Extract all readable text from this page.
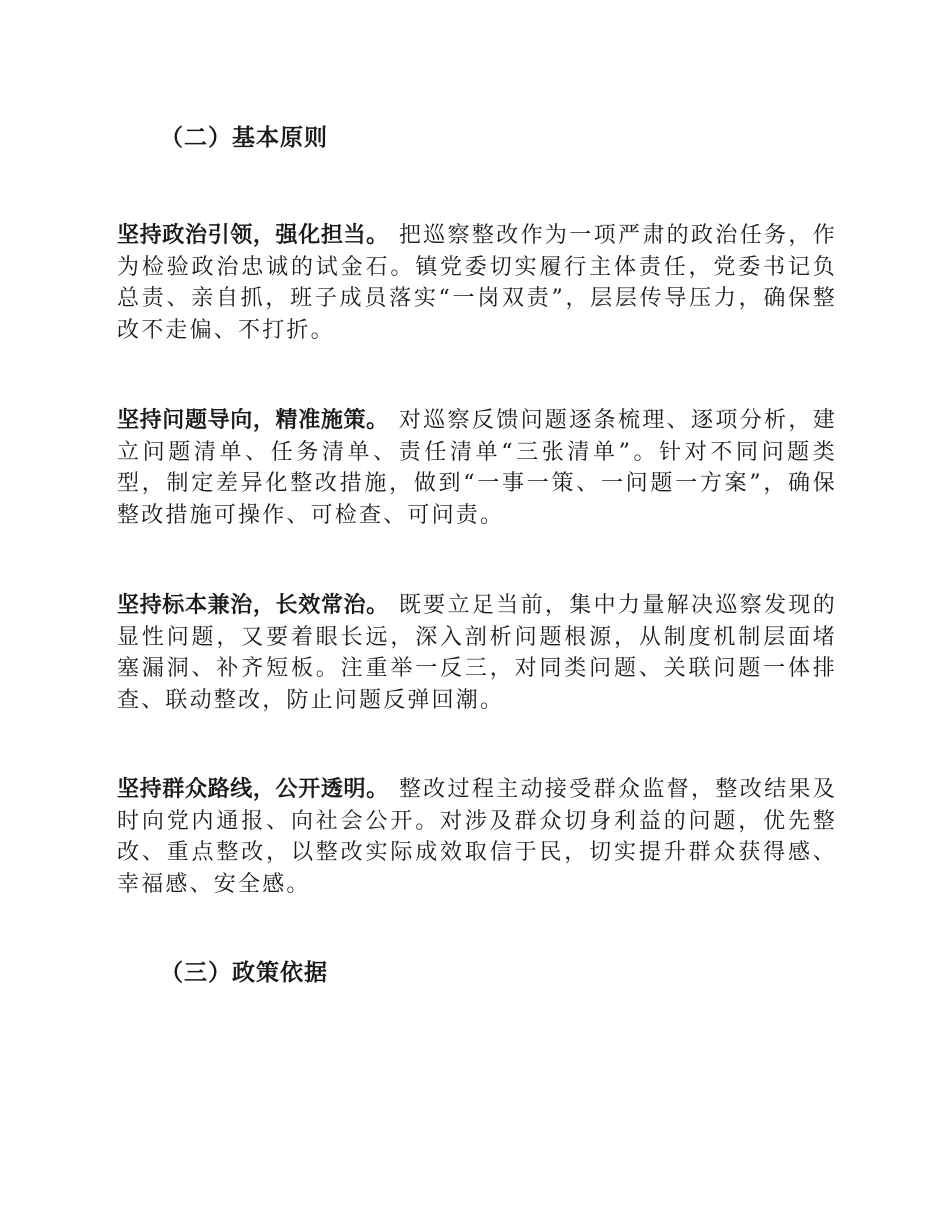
（二）基本原则

坚持政治引领，强化担当。 把巡察整改作为一项严肃的政治任务，作为检验政治忠诚的试金石。镇党委切实履行主体责任，党委书记负总责、亲自抓，班子成员落实“一岗双责”，层层传导压力，确保整改不走偏、不打折。

坚持问题导向，精准施策。 对巡察反馈问题逐条梳理、逐项分析，建立问题清单、任务清单、责任清单“三张清单”。针对不同问题类型，制定差异化整改措施，做到“一事一策、一问题一方案”，确保整改措施可操作、可检查、可问责。

坚持标本兼治，长效常治。 既要立足当前，集中力量解决巡察发现的显性问题，又要着眼长远，深入剖析问题根源，从制度机制层面堵塞漏洞、补齐短板。注重举一反三，对同类问题、关联问题一体排查、联动整改，防止问题反弹回潮。

坚持群众路线，公开透明。 整改过程主动接受群众监督，整改结果及时向党内通报、向社会公开。对涉及群众切身利益的问题，优先整改、重点整改，以整改实际成效取信于民，切实提升群众获得感、幸福感、安全感。

（三）政策依据
